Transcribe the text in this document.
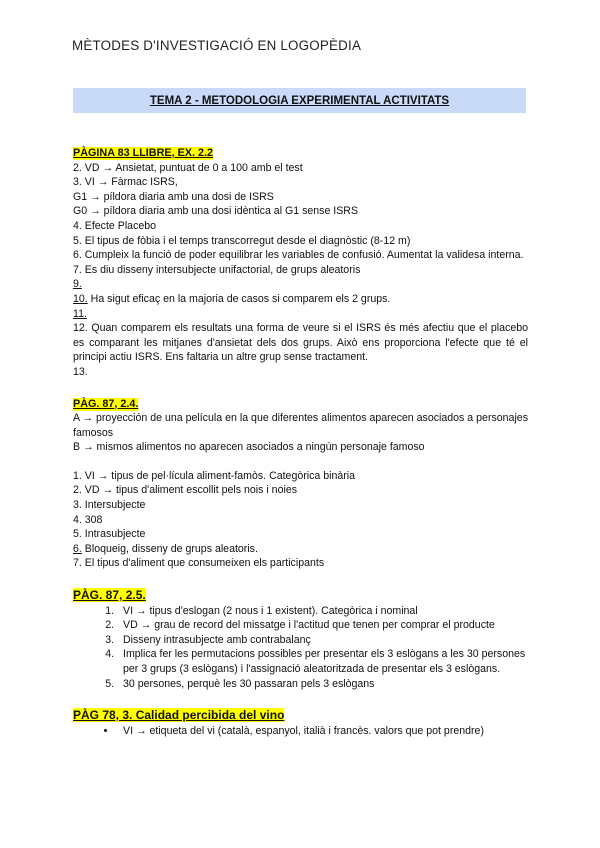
MÈTODES D'INVESTIGACIÓ EN LOGOPÈDIA
TEMA 2 - METODOLOGIA EXPERIMENTAL ACTIVITATS
PÀGINA 83 LLIBRE, EX. 2.2
2. VD → Ansietat, puntuat de 0 a 100 amb el test
3. VI → Fàrmac ISRS,
G1 → píldora diaria amb una dosi de ISRS
G0 → píldora diaria amb una dosi idèntica al G1 sense ISRS
4. Efecte Placebo
5. El tipus de fòbia i el temps transcorregut desde el diagnòstic (8-12 m)
6. Cumpleix la funció de poder equilibrar les variables de confusió. Aumentat la validesa interna.
7. Es diu disseny intersubjecte unifactorial, de grups aleatoris
9.
10. Ha sigut eficaç en la majoria de casos si comparem els 2 grups.
11.
12. Quan comparem els resultats una forma de veure si el ISRS és més afectiu que el placebo es comparant les mitjanes d'ansietat dels dos grups. Això ens proporciona l'efecte que té el principi actiu ISRS. Ens faltaria un altre grup sense tractament.
13.
PÀG. 87, 2.4.
A → proyección de una película en la que diferentes alimentos aparecen asociados a personajes famosos
B → mismos alimentos no aparecen asociados a ningún personaje famoso
1. VI → tipus de pel·lícula aliment-famòs. Categòrica binària
2. VD → tipus d'aliment escollit pels nois i noies
3. Intersubjecte
4. 308
5. Intrasubjecte
6. Bloqueig, disseny de grups aleatoris.
7. El tipus d'aliment que consumeixen els participants
PÀG. 87, 2.5.
1. VI → tipus d'eslogan (2 nous i 1 existent). Categòrica i nominal
2. VD → grau de record del missatge i l'actitud que tenen per comprar el producte
3. Disseny intrasubjecte amb contrabalanç
4. Implica fer les permutacions possibles per presentar els 3 eslògans a les 30 persones per 3 grups (3 eslògans) i l'assignació aleatoritzada de presentar els 3 eslògans.
5. 30 persones, perquè les 30 passaran pels 3 eslògans
PÀG 78, 3. Calidad percibida del vino
• VI → etiqueta del vi (català, espanyol, italià i francès. valors que pot prendre)
